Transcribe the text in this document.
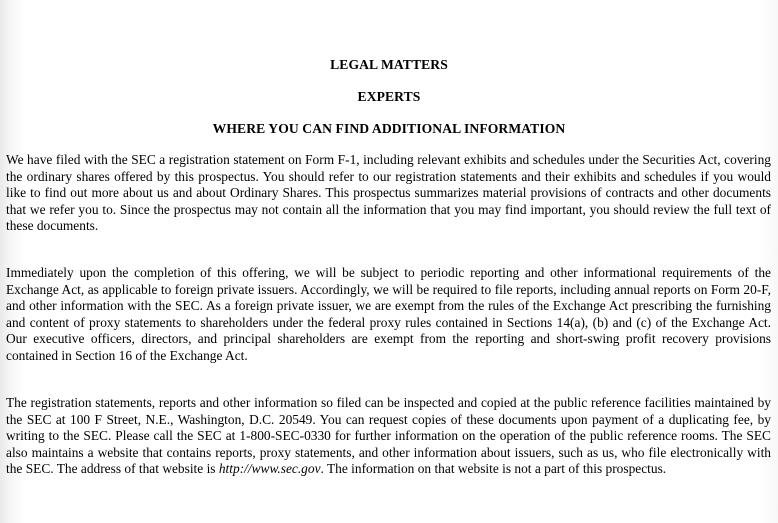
LEGAL MATTERS
EXPERTS
WHERE YOU CAN FIND ADDITIONAL INFORMATION

We have filed with the SEC a registration statement on Form F-1, including relevant exhibits and schedules under the Securities Act, covering the ordinary shares offered by this prospectus. You should refer to our registration statements and their exhibits and schedules if you would like to find out more about us and about Ordinary Shares. This prospectus summarizes material provisions of contracts and other documents that we refer you to. Since the prospectus may not contain all the information that you may find important, you should review the full text of these documents.

Immediately upon the completion of this offering, we will be subject to periodic reporting and other informational requirements of the Exchange Act, as applicable to foreign private issuers. Accordingly, we will be required to file reports, including annual reports on Form 20-F, and other information with the SEC. As a foreign private issuer, we are exempt from the rules of the Exchange Act prescribing the furnishing and content of proxy statements to shareholders under the federal proxy rules contained in Sections 14(a), (b) and (c) of the Exchange Act. Our executive officers, directors, and principal shareholders are exempt from the reporting and short-swing profit recovery provisions contained in Section 16 of the Exchange Act.

The registration statements, reports and other information so filed can be inspected and copied at the public reference facilities maintained by the SEC at 100 F Street, N.E., Washington, D.C. 20549. You can request copies of these documents upon payment of a duplicating fee, by writing to the SEC. Please call the SEC at 1-800-SEC-0330 for further information on the operation of the public reference rooms. The SEC also maintains a website that contains reports, proxy statements, and other information about issuers, such as us, who file electronically with the SEC. The address of that website is http://www.sec.gov. The information on that website is not a part of this prospectus.
